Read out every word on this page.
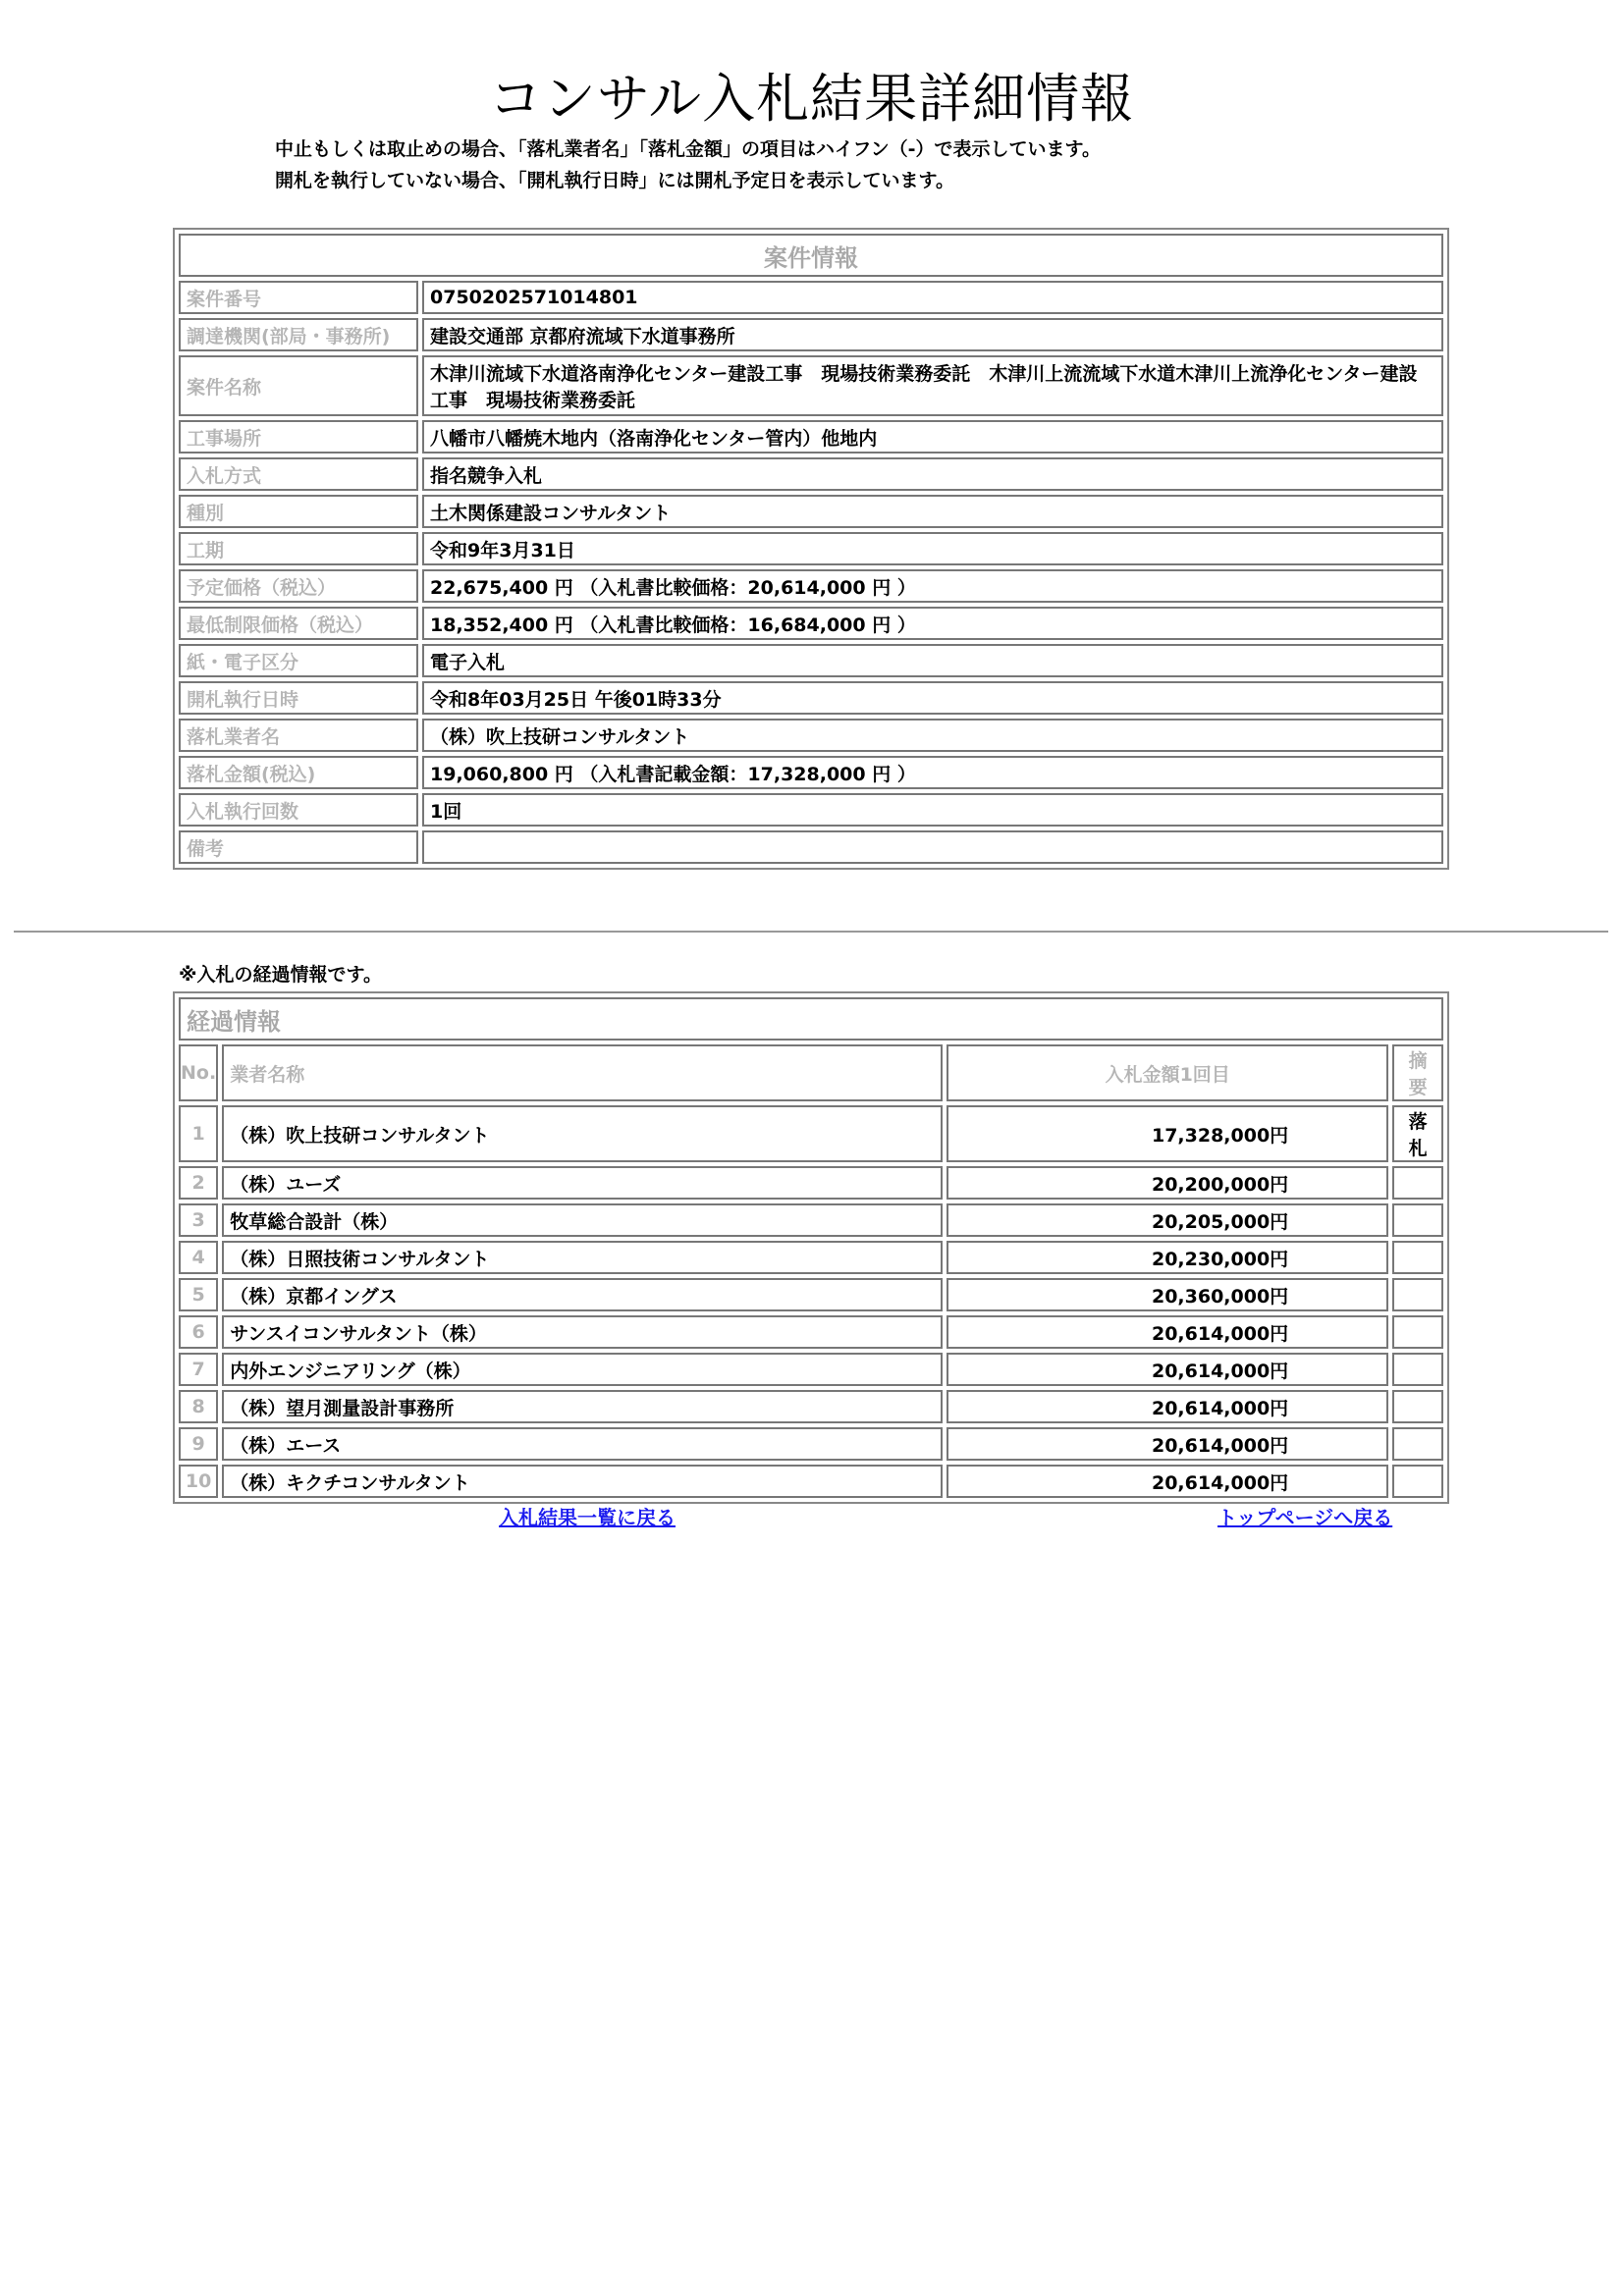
コンサル入札結果詳細情報
中止もしくは取止めの場合、「落札業者名」「落札金額」の項目はハイフン（-）で表示しています。
開札を執行していない場合、「開札執行日時」には開札予定日を表示しています。
案件情報	
案件番号	0750202571014801
調達機関(部局・事務所)	建設交通部 京都府流域下水道事務所
案件名称	木津川流域下水道洛南浄化センター建設工事　現場技術業務委託　木津川上流流域下水道木津川上流浄化センター建設工事　現場技術業務委託
工事場所	八幡市八幡焼木地内（洛南浄化センター管内）他地内
入札方式	指名競争入札
種別	土木関係建設コンサルタント
工期	令和9年3月31日
予定価格（税込）	22,675,400 円 （入札書比較価格：20,614,000 円 ）
最低制限価格（税込）	18,352,400 円 （入札書比較価格：16,684,000 円 ）
紙・電子区分	電子入札
開札執行日時	令和8年03月25日 午後01時33分
落札業者名	（株）吹上技研コンサルタント
落札金額(税込)	19,060,800 円 （入札書記載金額：17,328,000 円 ）
入札執行回数	1回
備考	
※入札の経過情報です。
経過情報			
No.	業者名称	入札金額1回目	摘要
1	（株）吹上技研コンサルタント	17,328,000円	落札
2	（株）ユーズ	20,200,000円	
3	牧草総合設計（株）	20,205,000円	
4	（株）日照技術コンサルタント	20,230,000円	
5	（株）京都イングス	20,360,000円	
6	サンスイコンサルタント（株）	20,614,000円	
7	内外エンジニアリング（株）	20,614,000円	
8	（株）望月測量設計事務所	20,614,000円	
9	（株）エース	20,614,000円	
10	（株）キクチコンサルタント	20,614,000円	
入札結果一覧に戻る	トップページへ戻る
